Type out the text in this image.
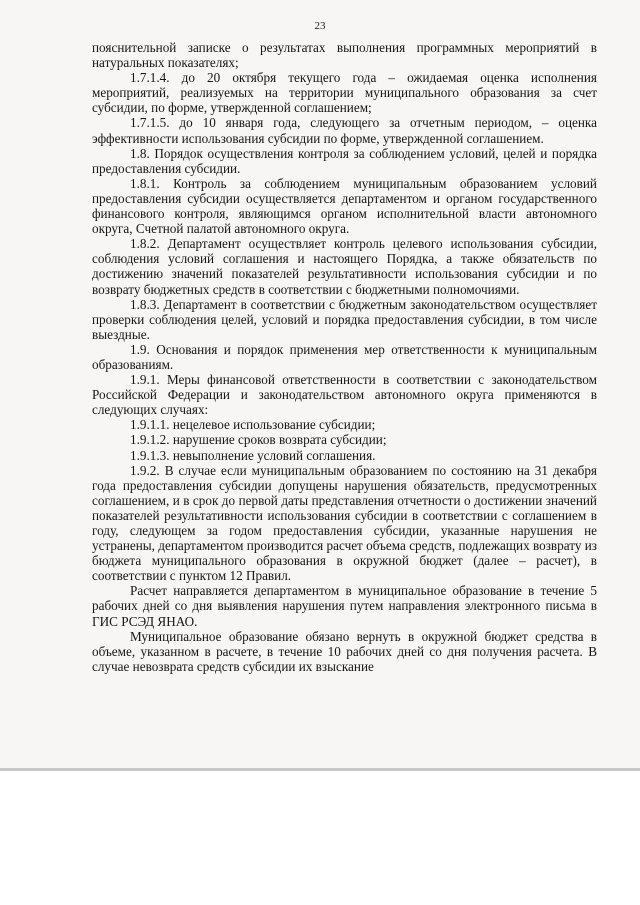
23

пояснительной записке о результатах выполнения программных мероприятий в натуральных показателях;

1.7.1.4. до 20 октября текущего года – ожидаемая оценка исполнения мероприятий, реализуемых на территории муниципального образования за счет субсидии, по форме, утвержденной соглашением;

1.7.1.5. до 10 января года, следующего за отчетным периодом, – оценка эффективности использования субсидии по форме, утвержденной соглашением.

1.8. Порядок осуществления контроля за соблюдением условий, целей и порядка предоставления субсидии.

1.8.1. Контроль за соблюдением муниципальным образованием условий предоставления субсидии осуществляется департаментом и органом государственного финансового контроля, являющимся органом исполнительной власти автономного округа, Счетной палатой автономного округа.

1.8.2. Департамент осуществляет контроль целевого использования субсидии, соблюдения условий соглашения и настоящего Порядка, а также обязательств по достижению значений показателей результативности использования субсидии и по возврату бюджетных средств в соответствии с бюджетными полномочиями.

1.8.3. Департамент в соответствии с бюджетным законодательством осуществляет проверки соблюдения целей, условий и порядка предоставления субсидии, в том числе выездные.

1.9. Основания и порядок применения мер ответственности к муниципальным образованиям.

1.9.1. Меры финансовой ответственности в соответствии с законодательством Российской Федерации и законодательством автономного округа применяются в следующих случаях:

1.9.1.1. нецелевое использование субсидии;

1.9.1.2. нарушение сроков возврата субсидии;

1.9.1.3. невыполнение условий соглашения.

1.9.2. В случае если муниципальным образованием по состоянию на 31 декабря года предоставления субсидии допущены нарушения обязательств, предусмотренных соглашением, и в срок до первой даты представления отчетности о достижении значений показателей результативности использования субсидии в соответствии с соглашением в году, следующем за годом предоставления субсидии, указанные нарушения не устранены, департаментом производится расчет объема средств, подлежащих возврату из бюджета муниципального образования в окружной бюджет (далее – расчет), в соответствии с пунктом 12 Правил.

Расчет направляется департаментом в муниципальное образование в течение 5 рабочих дней со дня выявления нарушения путем направления электронного письма в ГИС РСЭД ЯНАО.

Муниципальное образование обязано вернуть в окружной бюджет средства в объеме, указанном в расчете, в течение 10 рабочих дней со дня получения расчета. В случае невозврата средств субсидии их взыскание
